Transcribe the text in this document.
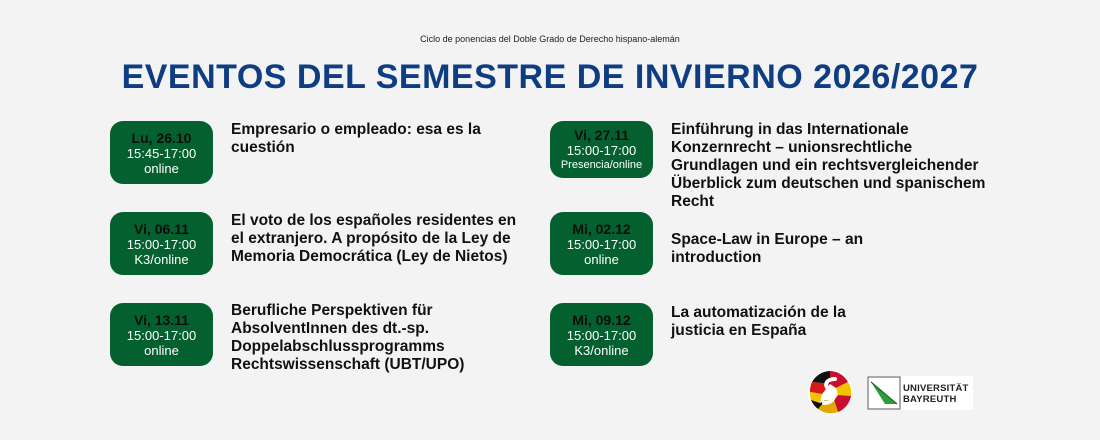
Ciclo de ponencias del Doble Grado de Derecho hispano-alemán
EVENTOS DEL SEMESTRE DE INVIERNO 2026/2027
Lu, 26.10
15:45-17:00
online
Empresario o empleado: esa es la cuestión
Vi, 06.11
15:00-17:00
K3/online
El voto de los españoles residentes en el extranjero. A propósito de la Ley de Memoria Democrática (Ley de Nietos)
Vi, 13.11
15:00-17:00
online
Berufliche Perspektiven für AbsolventInnen des dt.-sp. Doppelabschlussprogramms Rechtswissenschaft (UBT/UPO)
Vi, 27.11
15:00-17:00
Presencia/online
Einführung in das Internationale Konzernrecht – unionsrechtliche Grundlagen und ein rechtsvergleichender Überblick zum deutschen und spanischem Recht
Mi, 02.12
15:00-17:00
online
Space-Law in Europe – an introduction
Mi, 09.12
15:00-17:00
K3/online
La automatización de la justicia en España
UNIVERSITÄT
BAYREUTH
